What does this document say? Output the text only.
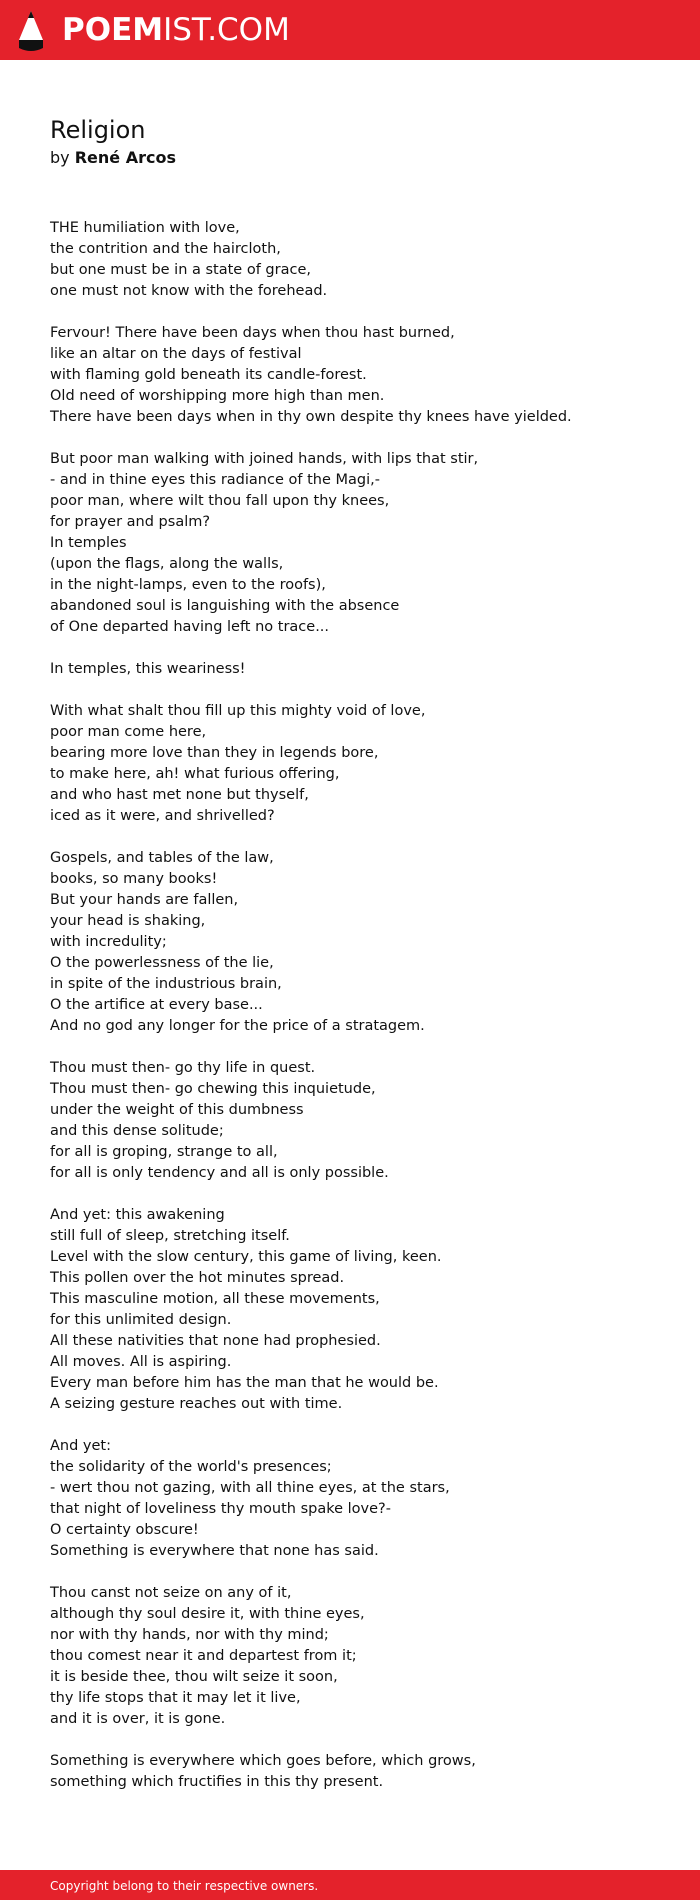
POEMIST.COM
Religion
by René Arcos
THE humiliation with love,
the contrition and the haircloth,
but one must be in a state of grace,
one must not know with the forehead.
Fervour! There have been days when thou hast burned,
like an altar on the days of festival
with flaming gold beneath its candle-forest.
Old need of worshipping more high than men.
There have been days when in thy own despite thy knees have yielded.
But poor man walking with joined hands, with lips that stir,
- and in thine eyes this radiance of the Magi,-
poor man, where wilt thou fall upon thy knees,
for prayer and psalm?
In temples
(upon the flags, along the walls,
in the night-lamps, even to the roofs),
abandoned soul is languishing with the absence
of One departed having left no trace...
In temples, this weariness!
With what shalt thou fill up this mighty void of love,
poor man come here,
bearing more love than they in legends bore,
to make here, ah! what furious offering,
and who hast met none but thyself,
iced as it were, and shrivelled?
Gospels, and tables of the law,
books, so many books!
But your hands are fallen,
your head is shaking,
with incredulity;
O the powerlessness of the lie,
in spite of the industrious brain,
O the artifice at every base...
And no god any longer for the price of a stratagem.
Thou must then- go thy life in quest.
Thou must then- go chewing this inquietude,
under the weight of this dumbness
and this dense solitude;
for all is groping, strange to all,
for all is only tendency and all is only possible.
And yet: this awakening
still full of sleep, stretching itself.
Level with the slow century, this game of living, keen.
This pollen over the hot minutes spread.
This masculine motion, all these movements,
for this unlimited design.
All these nativities that none had prophesied.
All moves. All is aspiring.
Every man before him has the man that he would be.
A seizing gesture reaches out with time.
And yet:
the solidarity of the world's presences;
- wert thou not gazing, with all thine eyes, at the stars,
that night of loveliness thy mouth spake love?-
O certainty obscure!
Something is everywhere that none has said.
Thou canst not seize on any of it,
although thy soul desire it, with thine eyes,
nor with thy hands, nor with thy mind;
thou comest near it and departest from it;
it is beside thee, thou wilt seize it soon,
thy life stops that it may let it live,
and it is over, it is gone.
Something is everywhere which goes before, which grows,
something which fructifies in this thy present.
Copyright belong to their respective owners.
